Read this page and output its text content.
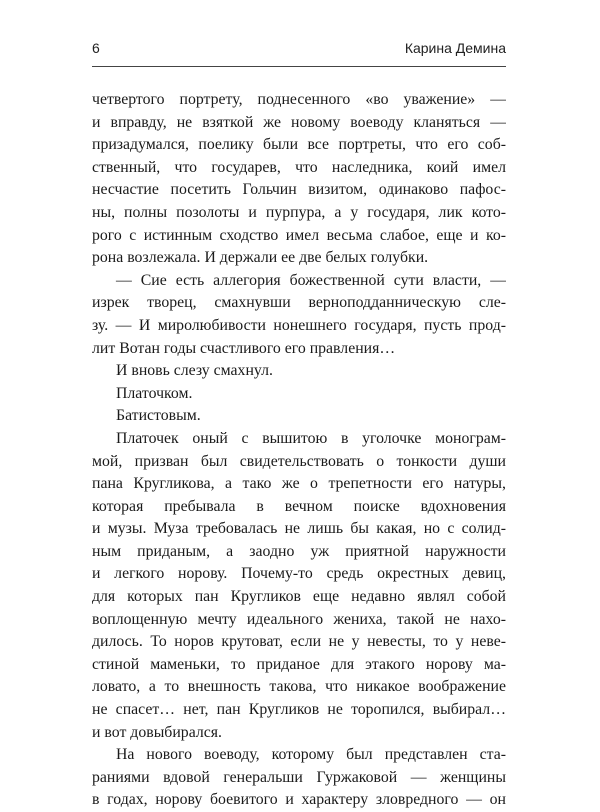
6	Карина Демина
четвертого портрету, поднесенного «во уважение» —
и вправду, не взяткой же новому воеводу кланяться —
призадумался, поелику были все портреты, что его соб-
ственный, что государев, что наследника, коий имел
несчастие посетить Гольчин визитом, одинаково пафос-
ны, полны позолоты и пурпура, а у государя, лик кото-
рого с истинным сходство имел весьма слабое, еще и ко-
рона возлежала. И держали ее две белых голубки.
— Сие есть аллегория божественной сути власти, —
изрек творец, смахнувши верноподданническую сле-
зу. — И миролюбивости нонешнего государя, пусть прод-
лит Вотан годы счастливого его правления…
И вновь слезу смахнул.
Платочком.
Батистовым.
Платочек оный с вышитою в уголочке монограм-
мой, призван был свидетельствовать о тонкости души
пана Кругликова, а тако же о трепетности его натуры,
которая пребывала в вечном поиске вдохновения
и музы. Муза требовалась не лишь бы какая, но с солид-
ным приданым, а заодно уж приятной наружности
и легкого норову. Почему-то средь окрестных девиц,
для которых пан Кругликов еще недавно являл собой
воплощенную мечту идеального жениха, такой не нахо-
дилось. То норов крутоват, если не у невесты, то у неве-
стиной маменьки, то приданое для этакого норову ма-
ловато, а то внешность такова, что никакое воображение
не спасет… нет, пан Кругликов не торопился, выбирал…
и вот довыбирался.
На нового воеводу, которому был представлен ста-
раниями вдовой генеральши Гуржаковой — женщины
в годах, норову боевитого и характеру зловредного — он
